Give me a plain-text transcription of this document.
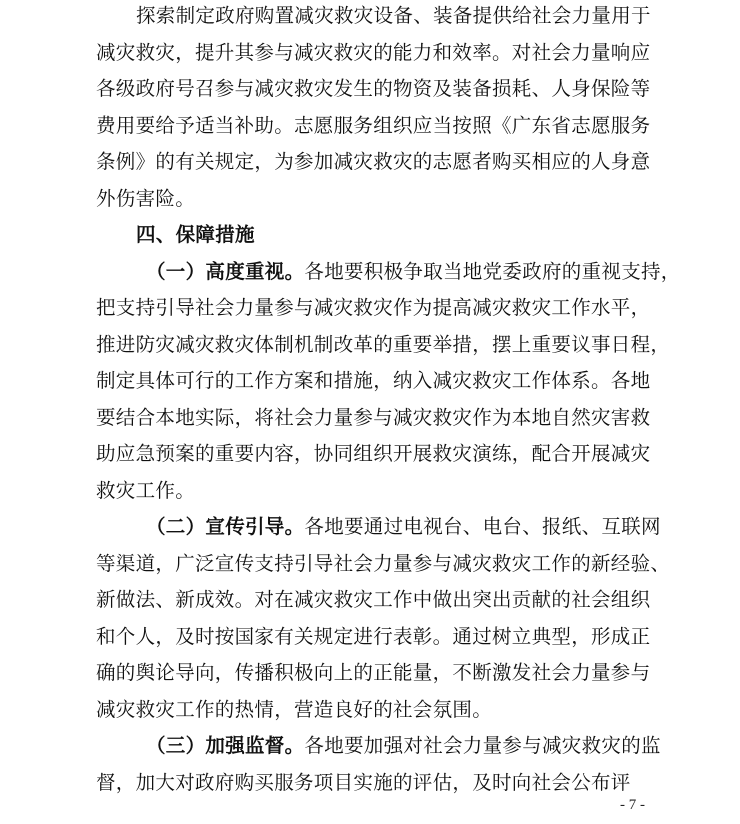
探索制定政府购置减灾救灾设备、装备提供给社会力量用于
减灾救灾，提升其参与减灾救灾的能力和效率。对社会力量响应
各级政府号召参与减灾救灾发生的物资及装备损耗、人身保险等
费用要给予适当补助。志愿服务组织应当按照《广东省志愿服务
条例》的有关规定，为参加减灾救灾的志愿者购买相应的人身意
外伤害险。
四、保障措施
（一）高度重视。各地要积极争取当地党委政府的重视支持，
把支持引导社会力量参与减灾救灾作为提高减灾救灾工作水平，
推进防灾减灾救灾体制机制改革的重要举措，摆上重要议事日程，
制定具体可行的工作方案和措施，纳入减灾救灾工作体系。各地
要结合本地实际，将社会力量参与减灾救灾作为本地自然灾害救
助应急预案的重要内容，协同组织开展救灾演练，配合开展减灾
救灾工作。
（二）宣传引导。各地要通过电视台、电台、报纸、互联网
等渠道，广泛宣传支持引导社会力量参与减灾救灾工作的新经验、
新做法、新成效。对在减灾救灾工作中做出突出贡献的社会组织
和个人，及时按国家有关规定进行表彰。通过树立典型，形成正
确的舆论导向，传播积极向上的正能量，不断激发社会力量参与
减灾救灾工作的热情，营造良好的社会氛围。
（三）加强监督。各地要加强对社会力量参与减灾救灾的监
督，加大对政府购买服务项目实施的评估，及时向社会公布评
- 7 -
